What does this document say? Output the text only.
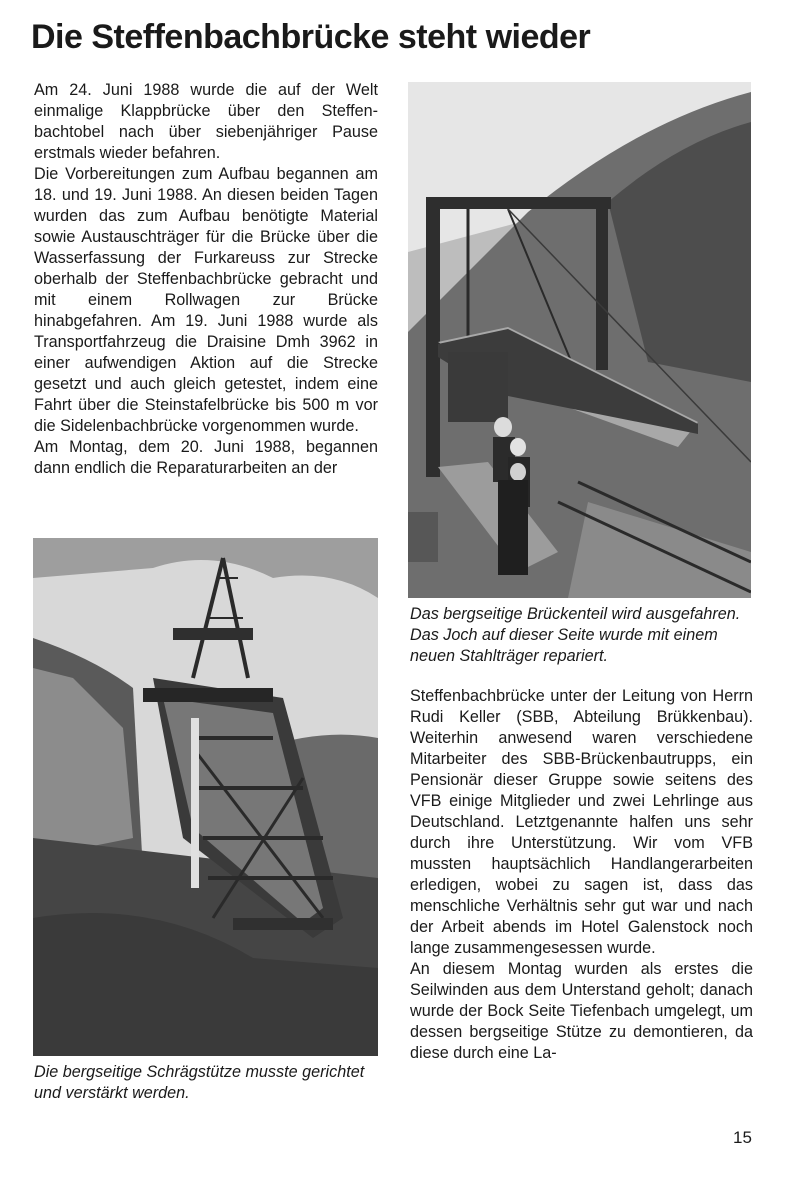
Die Steffenbachbrücke steht wieder

Am 24. Juni 1988 wurde die auf der Welt einmalige Klappbrücke über den Steffen-bachtobel nach über siebenjähriger Pause erstmals wieder befahren.

Die Vorbereitungen zum Aufbau begannen am 18. und 19. Juni 1988. An diesen beiden Tagen wurden das zum Aufbau benötigte Material sowie Austauschträger für die Brücke über die Wasserfassung der Furkareuss zur Strecke oberhalb der Steffenbachbrücke gebracht und mit einem Rollwagen zur Brücke hinabgefahren. Am 19. Juni 1988 wurde als Transportfahrzeug die Draisine Dmh 3962 in einer aufwendigen Aktion auf die Strecke gesetzt und auch gleich getestet, indem eine Fahrt über die Steinstafelbrücke bis 500 m vor die Sidelenbachbrücke vorgenommen wurde.

Am Montag, dem 20. Juni 1988, begannen dann endlich die Reparaturarbeiten an der

Das bergseitige Brückenteil wird ausgefahren. Das Joch auf dieser Seite wurde mit einem neuen Stahlträger repariert.

Die bergseitige Schrägstütze musste gerichtet und verstärkt werden.

Steffenbachbrücke unter der Leitung von Herrn Rudi Keller (SBB, Abteilung Brükkenbau). Weiterhin anwesend waren verschiedene Mitarbeiter des SBB-Brückenbautrupps, ein Pensionär dieser Gruppe sowie seitens des VFB einige Mitglieder und zwei Lehrlinge aus Deutschland. Letztgenannte halfen uns sehr durch ihre Unterstützung. Wir vom VFB mussten hauptsächlich Handlangerarbeiten erledigen, wobei zu sagen ist, dass das menschliche Verhältnis sehr gut war und nach der Arbeit abends im Hotel Galenstock noch lange zusammengesessen wurde.

An diesem Montag wurden als erstes die Seilwinden aus dem Unterstand geholt; danach wurde der Bock Seite Tiefenbach umgelegt, um dessen bergseitige Stütze zu demontieren, da diese durch eine La-

15
